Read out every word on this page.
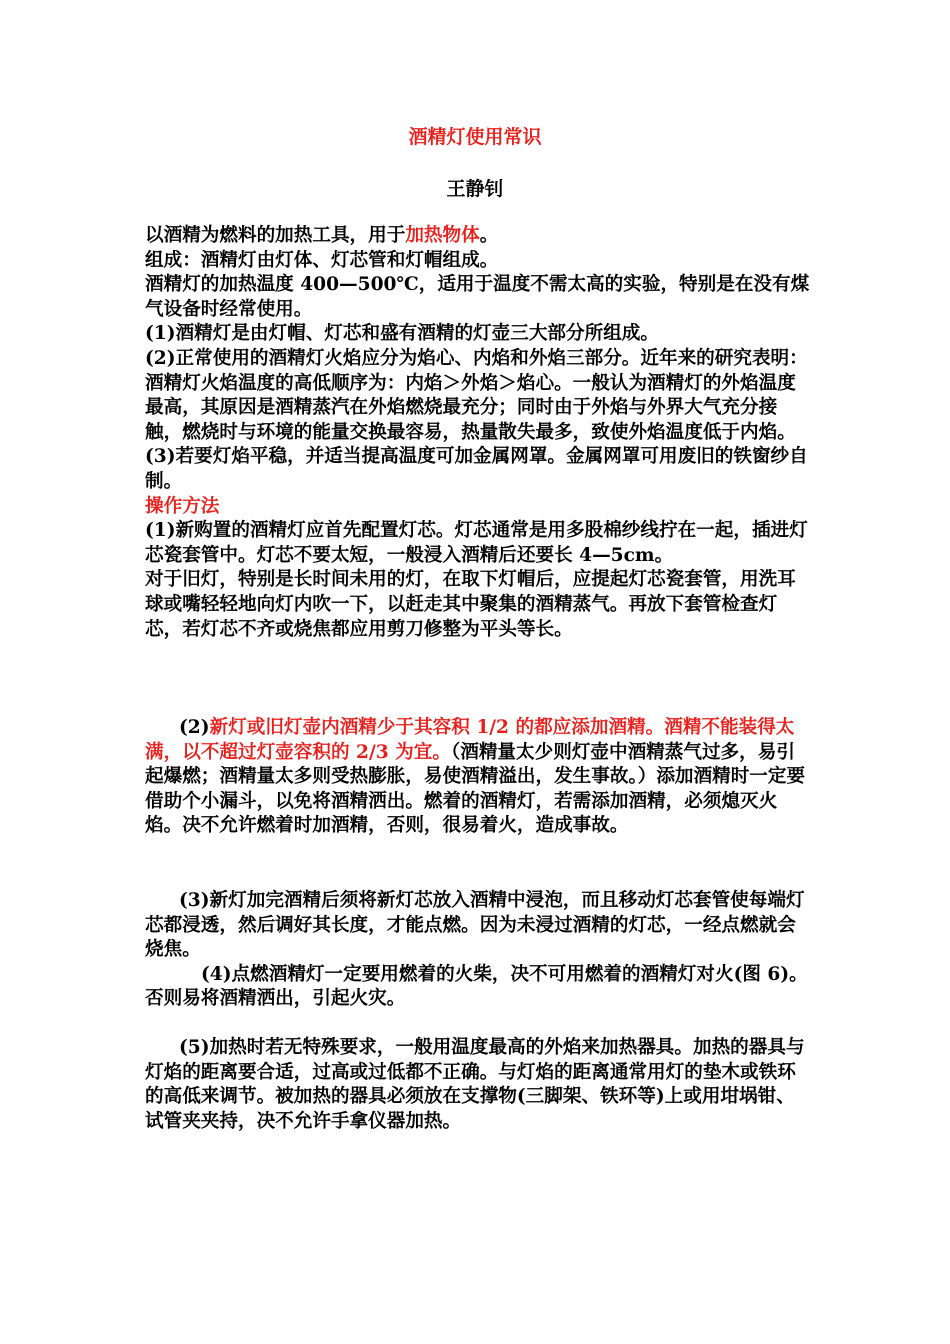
酒精灯使用常识
王静钊

以酒精为燃料的加热工具，用于加热物体。

组成：酒精灯由灯体、灯芯管和灯帽组成。

酒精灯的加热温度 400—500℃，适用于温度不需太高的实验，特别是在没有煤气设备时经常使用。

(1)酒精灯是由灯帽、灯芯和盛有酒精的灯壶三大部分所组成。

(2)正常使用的酒精灯火焰应分为焰心、内焰和外焰三部分。近年来的研究表明：酒精灯火焰温度的高低顺序为：内焰＞外焰＞焰心。一般认为酒精灯的外焰温度最高，其原因是酒精蒸汽在外焰燃烧最充分；同时由于外焰与外界大气充分接触，燃烧时与环境的能量交换最容易，热量散失最多，致使外焰温度低于内焰。

(3)若要灯焰平稳，并适当提高温度可加金属网罩。金属网罩可用废旧的铁窗纱自制。

操作方法

(1)新购置的酒精灯应首先配置灯芯。灯芯通常是用多股棉纱线拧在一起，插进灯芯瓷套管中。灯芯不要太短，一般浸入酒精后还要长 4—5cm。

对于旧灯，特别是长时间未用的灯，在取下灯帽后，应提起灯芯瓷套管，用洗耳球或嘴轻轻地向灯内吹一下，以赶走其中聚集的酒精蒸气。再放下套管检查灯芯，若灯芯不齐或烧焦都应用剪刀修整为平头等长。

(2)新灯或旧灯壶内酒精少于其容积 1/2 的都应添加酒精。酒精不能装得太满，以不超过灯壶容积的 2/3 为宜。（酒精量太少则灯壶中酒精蒸气过多，易引起爆燃；酒精量太多则受热膨胀，易使酒精溢出，发生事故。）添加酒精时一定要借助个小漏斗，以免将酒精洒出。燃着的酒精灯，若需添加酒精，必须熄灭火焰。决不允许燃着时加酒精，否则，很易着火，造成事故。

(3)新灯加完酒精后须将新灯芯放入酒精中浸泡，而且移动灯芯套管使每端灯芯都浸透，然后调好其长度，才能点燃。因为未浸过酒精的灯芯，一经点燃就会烧焦。

(4)点燃酒精灯一定要用燃着的火柴，决不可用燃着的酒精灯对火(图 6)。否则易将酒精洒出，引起火灾。

(5)加热时若无特殊要求，一般用温度最高的外焰来加热器具。加热的器具与灯焰的距离要合适，过高或过低都不正确。与灯焰的距离通常用灯的垫木或铁环的高低来调节。被加热的器具必须放在支撑物(三脚架、铁环等)上或用坩埚钳、试管夹夹持，决不允许手拿仪器加热。
